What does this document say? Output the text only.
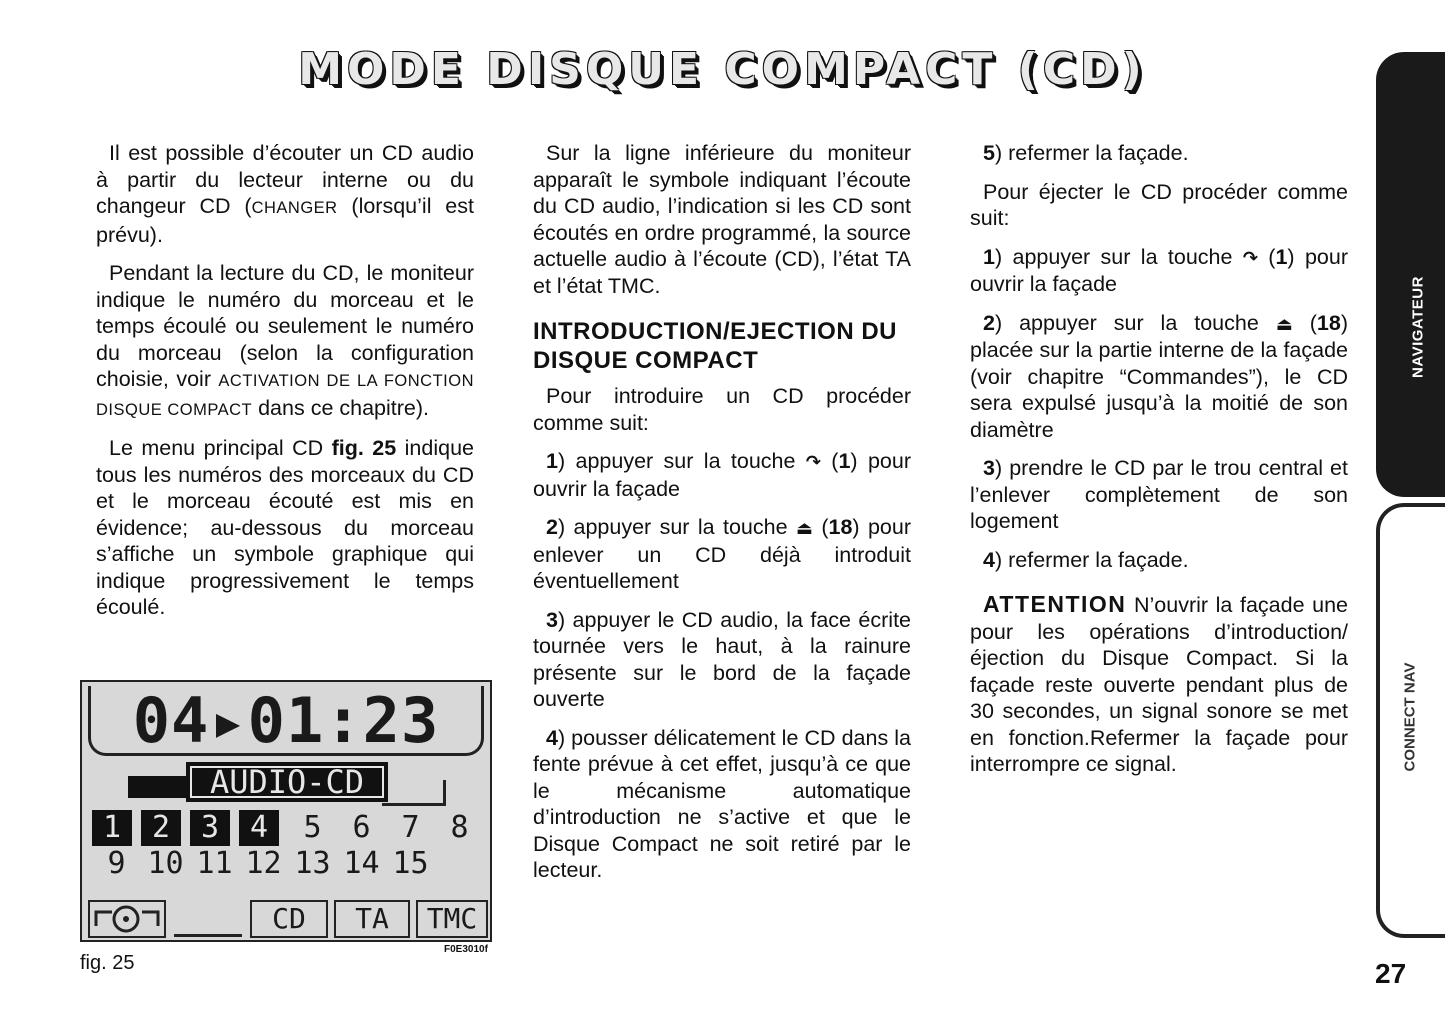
MODE DISQUE COMPACT (CD)

Il est possible d’écouter un CD audio à partir du lecteur interne ou du changeur CD (CHANGER (lorsqu’il est prévu).

Pendant la lecture du CD, le moniteur indique le numéro du morceau et le temps écoulé ou seulement le numéro du morceau (selon la configuration choisie, voir ACTIVATION DE LA FONCTION DISQUE COMPACT dans ce chapitre).

Le menu principal CD fig. 25 indique tous les numéros des morceaux du CD et le morceau écouté est mis en évidence; au-dessous du morceau s’affiche un symbole graphique qui indique progressivement le temps écoulé.

Sur la ligne inférieure du moniteur apparaît le symbole indiquant l’écoute du CD audio, l’indication si les CD sont écoutés en ordre programmé, la source actuelle audio à l’écoute (CD), l’état TA et l’état TMC.

INTRODUCTION/EJECTION DU DISQUE COMPACT

Pour introduire un CD procéder comme suit:

1) appuyer sur la touche ↷ (1) pour ouvrir la façade

2) appuyer sur la touche ⏏ (18) pour enlever un CD déjà introduit éventuellement

3) appuyer le CD audio, la face écrite tournée vers le haut, à la rainure présente sur le bord de la façade ouverte

4) pousser délicatement le CD dans la fente prévue à cet effet, jusqu’à ce que le mécanisme automatique d’introduction ne s’active et que le Disque Compact ne soit retiré par le lecteur.

5) refermer la façade.

Pour éjecter le CD procéder comme suit:

1) appuyer sur la touche ↷ (1) pour ouvrir la façade

2) appuyer sur la touche ⏏ (18) placée sur la partie interne de la façade (voir chapitre “Commandes”), le CD sera expulsé jusqu’à la moitié de son diamètre

3) prendre le CD par le trou central et l’enlever complètement de son logement

4) refermer la façade.

ATTENTION N’ouvrir la façade une pour les opérations d’introduction/éjection du Disque Compact. Si la façade reste ouverte pendant plus de 30 secondes, un signal sonore se met en fonction.Refermer la façade pour interrompre ce signal.

NAVIGATEUR
CONNECT NAV
27
04▸01:23
AUDIO-CD
1	2	3	4	5	6	7	8
9 10 11 12 13 14 15
CD	TA	TMC
fig. 25
F0E3010f
